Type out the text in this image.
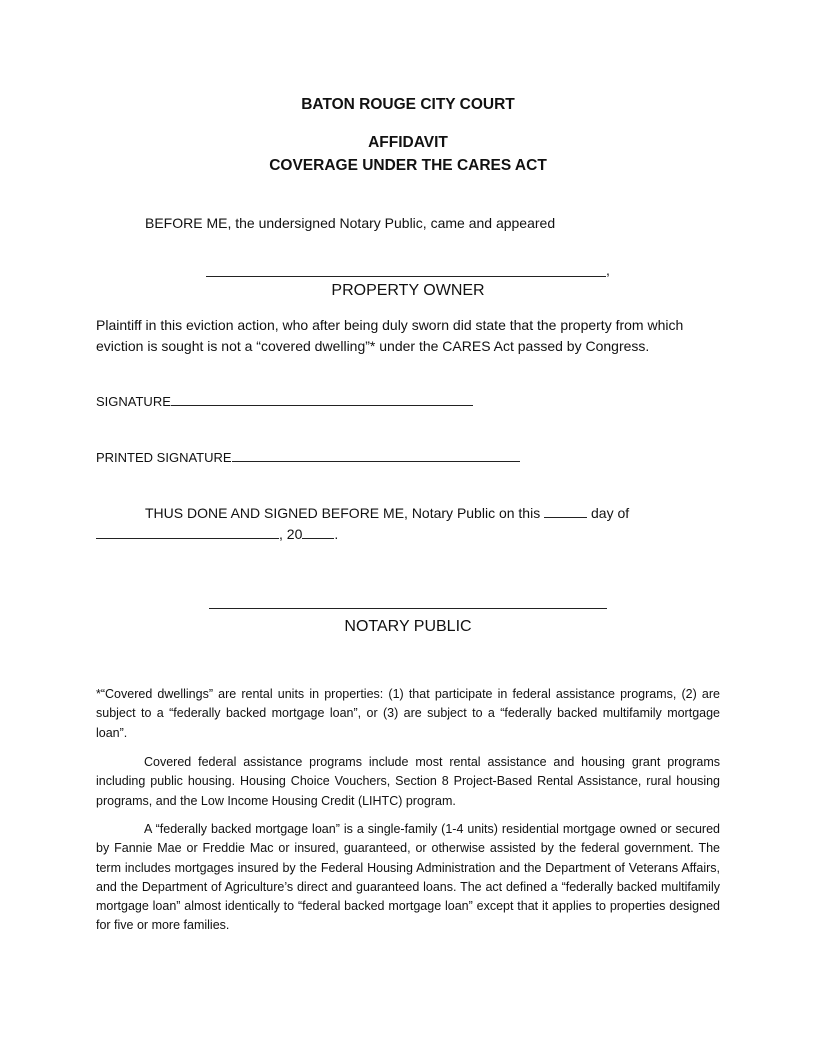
BATON ROUGE CITY COURT
AFFIDAVIT
COVERAGE UNDER THE CARES ACT
BEFORE ME, the undersigned Notary Public, came and appeared
,
PROPERTY OWNER
Plaintiff in this eviction action, who after being duly sworn did state that the property from which eviction is sought is not a “covered dwelling”* under the CARES Act passed by Congress.
SIGNATURE
PRINTED SIGNATURE
THUS DONE AND SIGNED BEFORE ME, Notary Public on this	day of
, 20 .
NOTARY PUBLIC
*“Covered dwellings” are rental units in properties: (1) that participate in federal assistance programs, (2) are subject to a “federally backed mortgage loan”, or (3) are subject to a “federally backed multifamily mortgage loan”.
Covered federal assistance programs include most rental assistance and housing grant programs including public housing. Housing Choice Vouchers, Section 8 Project-Based Rental Assistance, rural housing programs, and the Low Income Housing Credit (LIHTC) program.
A “federally backed mortgage loan” is a single-family (1-4 units) residential mortgage owned or secured by Fannie Mae or Freddie Mac or insured, guaranteed, or otherwise assisted by the federal government. The term includes mortgages insured by the Federal Housing Administration and the Department of Veterans Affairs, and the Department of Agriculture’s direct and guaranteed loans. The act defined a “federally backed multifamily mortgage loan” almost identically to “federal backed mortgage loan” except that it applies to properties designed for five or more families.
